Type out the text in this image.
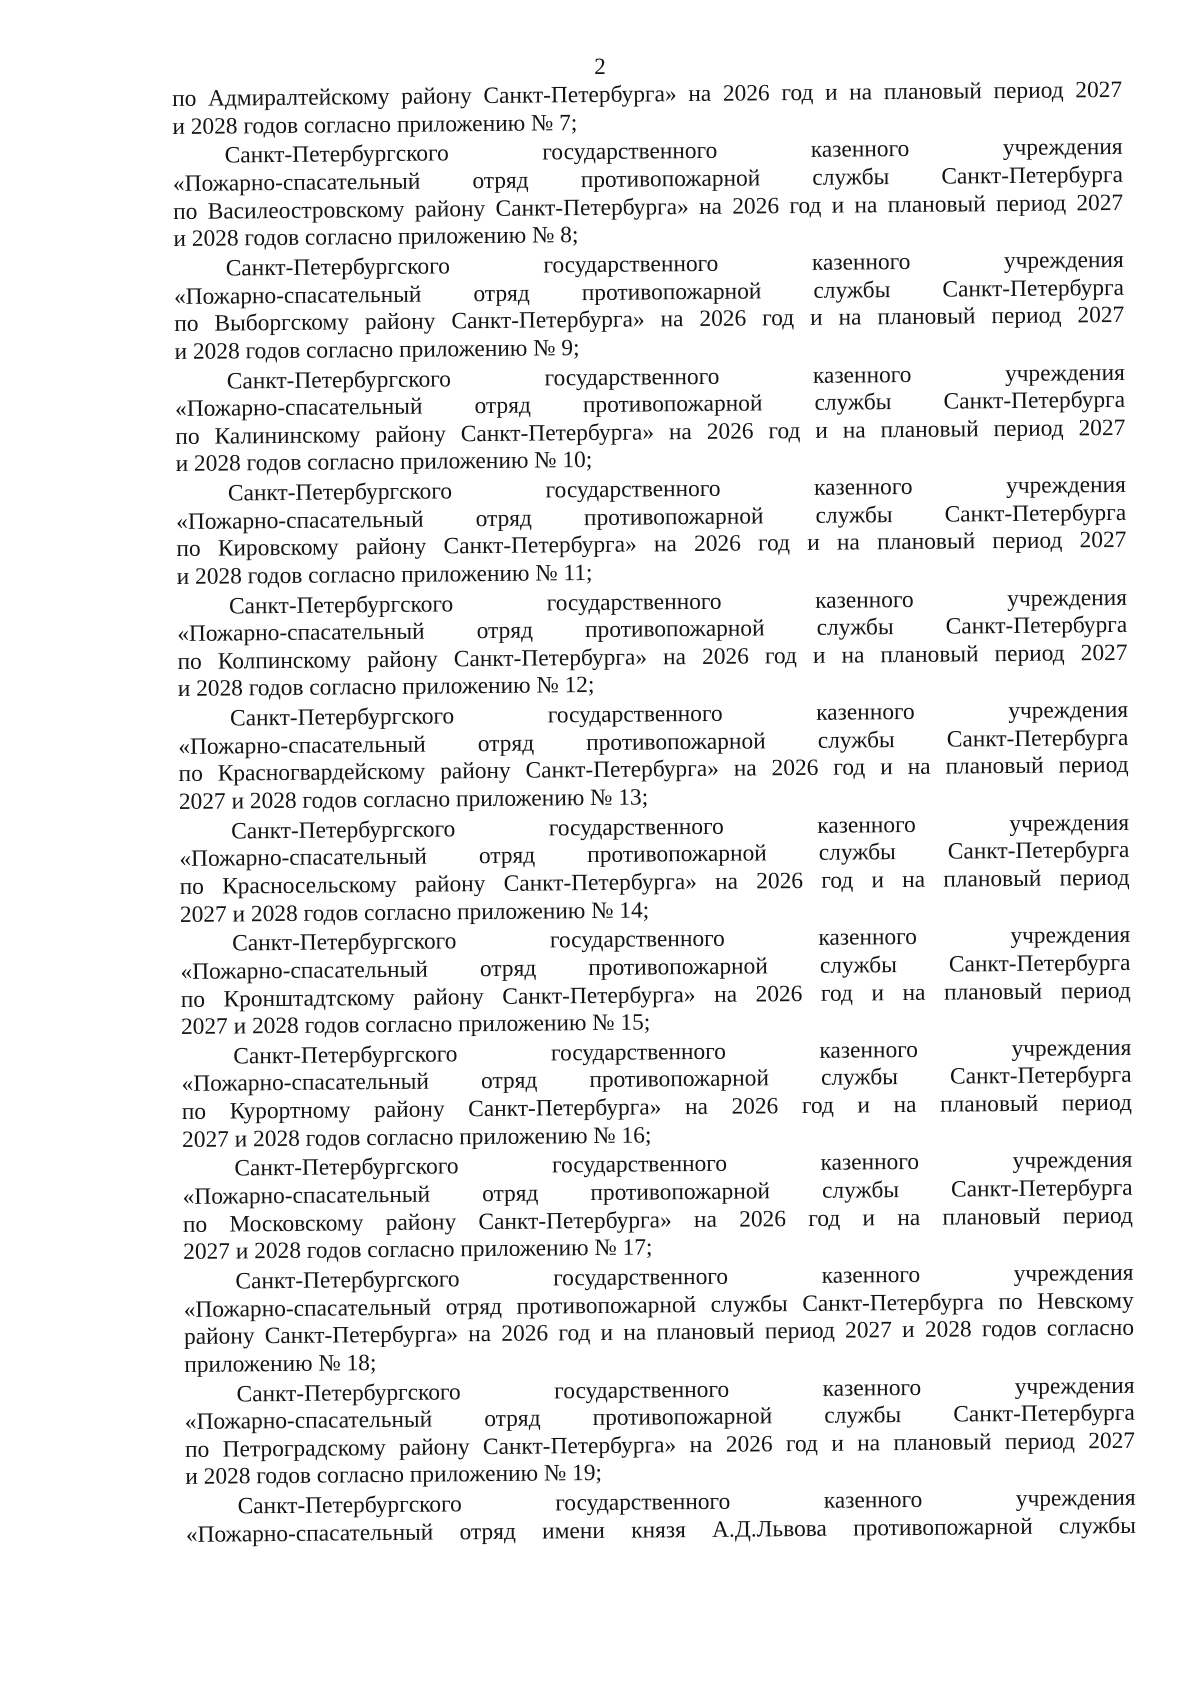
2
по Адмиралтейскому району Санкт-Петербурга» на 2026 год и на плановый период 2027
и 2028 годов согласно приложению № 7;
Санкт-Петербургского государственного казенного учреждения
«Пожарно-спасательный отряд противопожарной службы Санкт-Петербурга
по Василеостровскому району Санкт-Петербурга» на 2026 год и на плановый период 2027
и 2028 годов согласно приложению № 8;
Санкт-Петербургского государственного казенного учреждения
«Пожарно-спасательный отряд противопожарной службы Санкт-Петербурга
по Выборгскому району Санкт-Петербурга» на 2026 год и на плановый период 2027
и 2028 годов согласно приложению № 9;
Санкт-Петербургского государственного казенного учреждения
«Пожарно-спасательный отряд противопожарной службы Санкт-Петербурга
по Калининскому району Санкт-Петербурга» на 2026 год и на плановый период 2027
и 2028 годов согласно приложению № 10;
Санкт-Петербургского государственного казенного учреждения
«Пожарно-спасательный отряд противопожарной службы Санкт-Петербурга
по Кировскому району Санкт-Петербурга» на 2026 год и на плановый период 2027
и 2028 годов согласно приложению № 11;
Санкт-Петербургского государственного казенного учреждения
«Пожарно-спасательный отряд противопожарной службы Санкт-Петербурга
по Колпинскому району Санкт-Петербурга» на 2026 год и на плановый период 2027
и 2028 годов согласно приложению № 12;
Санкт-Петербургского государственного казенного учреждения
«Пожарно-спасательный отряд противопожарной службы Санкт-Петербурга
по Красногвардейскому району Санкт-Петербурга» на 2026 год и на плановый период
2027 и 2028 годов согласно приложению № 13;
Санкт-Петербургского государственного казенного учреждения
«Пожарно-спасательный отряд противопожарной службы Санкт-Петербурга
по Красносельскому району Санкт-Петербурга» на 2026 год и на плановый период
2027 и 2028 годов согласно приложению № 14;
Санкт-Петербургского государственного казенного учреждения
«Пожарно-спасательный отряд противопожарной службы Санкт-Петербурга
по Кронштадтскому району Санкт-Петербурга» на 2026 год и на плановый период
2027 и 2028 годов согласно приложению № 15;
Санкт-Петербургского государственного казенного учреждения
«Пожарно-спасательный отряд противопожарной службы Санкт-Петербурга
по Курортному району Санкт-Петербурга» на 2026 год и на плановый период
2027 и 2028 годов согласно приложению № 16;
Санкт-Петербургского государственного казенного учреждения
«Пожарно-спасательный отряд противопожарной службы Санкт-Петербурга
по Московскому району Санкт-Петербурга» на 2026 год и на плановый период
2027 и 2028 годов согласно приложению № 17;
Санкт-Петербургского государственного казенного учреждения
«Пожарно-спасательный отряд противопожарной службы Санкт-Петербурга по Невскому
району Санкт-Петербурга» на 2026 год и на плановый период 2027 и 2028 годов согласно
приложению № 18;
Санкт-Петербургского государственного казенного учреждения
«Пожарно-спасательный отряд противопожарной службы Санкт-Петербурга
по Петроградскому району Санкт-Петербурга» на 2026 год и на плановый период 2027
и 2028 годов согласно приложению № 19;
Санкт-Петербургского государственного казенного учреждения
«Пожарно-спасательный отряд имени князя А.Д.Львова противопожарной службы
